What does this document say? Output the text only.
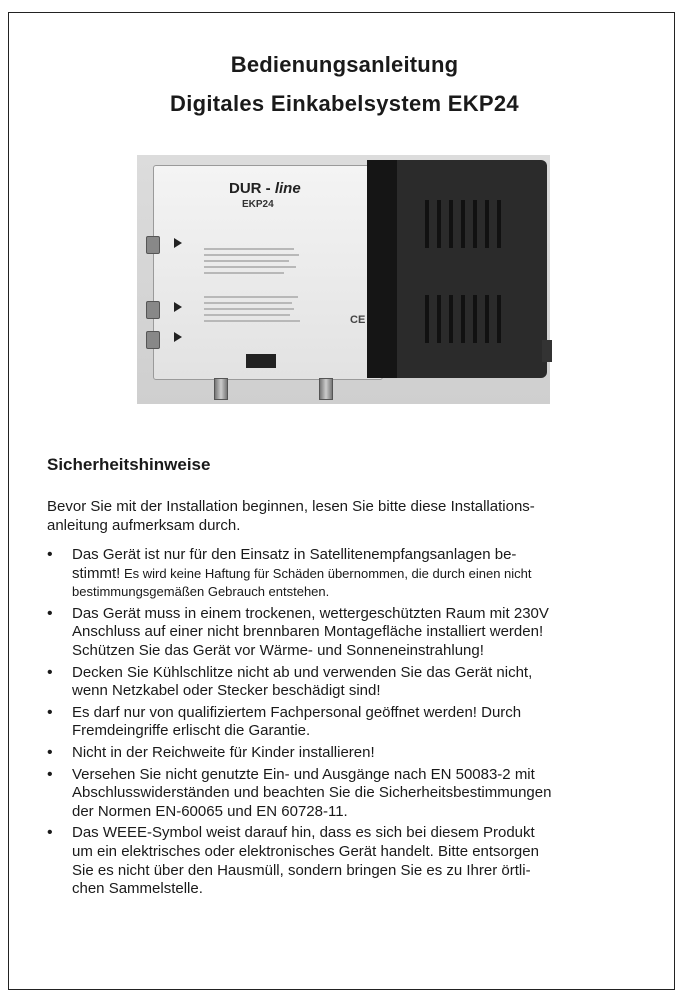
Bedienungsanleitung
Digitales Einkabelsystem EKP24
DUR - line
EKP24
CE
Sicherheitshinweise
Bevor Sie mit der Installation beginnen, lesen Sie bitte diese Installations-
anleitung aufmerksam durch.
• Das Gerät ist nur für den Einsatz in Satellitenempfangsanlagen be-
stimmt! Es wird keine Haftung für Schäden übernommen, die durch einen nicht
bestimmungsgemäßen Gebrauch entstehen.
• Das Gerät muss in einem trockenen, wettergeschützten Raum mit 230V
Anschluss auf einer nicht brennbaren Montagefläche installiert werden!
Schützen Sie das Gerät vor Wärme- und Sonneneinstrahlung!
• Decken Sie Kühlschlitze nicht ab und verwenden Sie das Gerät nicht,
wenn Netzkabel oder Stecker beschädigt sind!
• Es darf nur von qualifiziertem Fachpersonal geöffnet werden! Durch
Fremdeingriffe erlischt die Garantie.
• Nicht in der Reichweite für Kinder installieren!
• Versehen Sie nicht genutzte Ein- und Ausgänge nach EN 50083-2 mit
Abschlusswiderständen und beachten Sie die Sicherheitsbestimmungen
der Normen EN-60065 und EN 60728-11.
• Das WEEE-Symbol weist darauf hin, dass es sich bei diesem Produkt
um ein elektrisches oder elektronisches Gerät handelt. Bitte entsorgen
Sie es nicht über den Hausmüll, sondern bringen Sie es zu Ihrer örtli-
chen Sammelstelle.
